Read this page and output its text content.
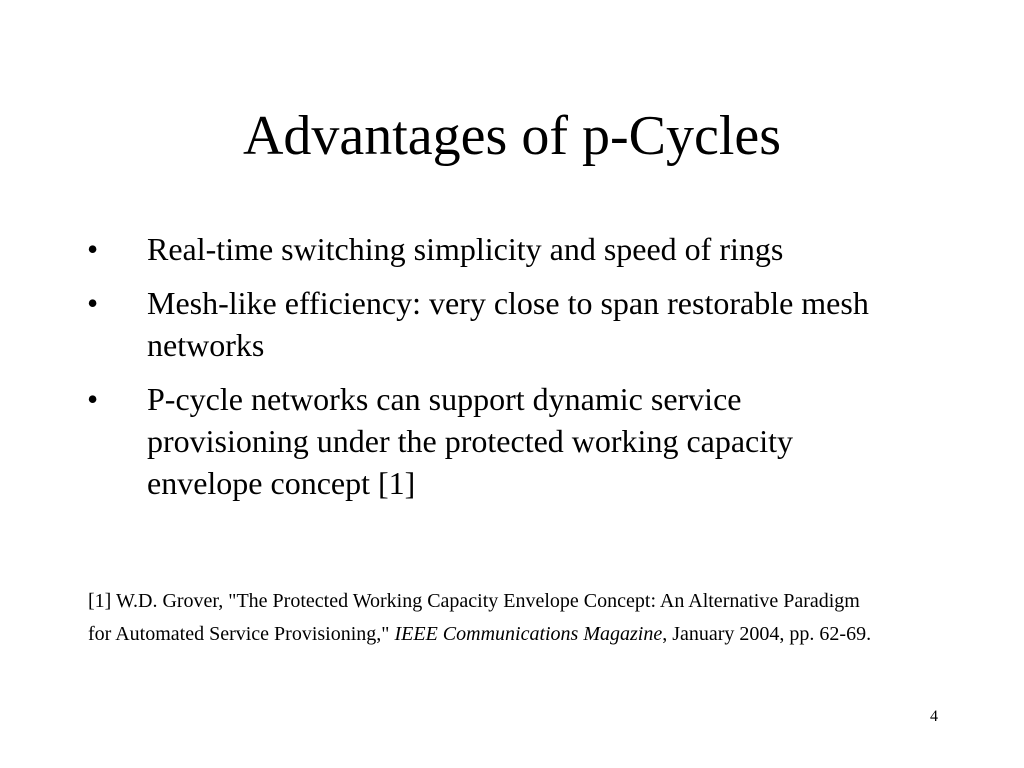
Advantages of p-Cycles
• Real-time switching simplicity and speed of rings
• Mesh-like efficiency: very close to span restorable mesh networks
• P-cycle networks can support dynamic service provisioning under the protected working capacity envelope concept [1]
[1] W.D. Grover, "The Protected Working Capacity Envelope Concept: An Alternative Paradigm for Automated Service Provisioning," IEEE Communications Magazine, January 2004, pp. 62-69.
4
